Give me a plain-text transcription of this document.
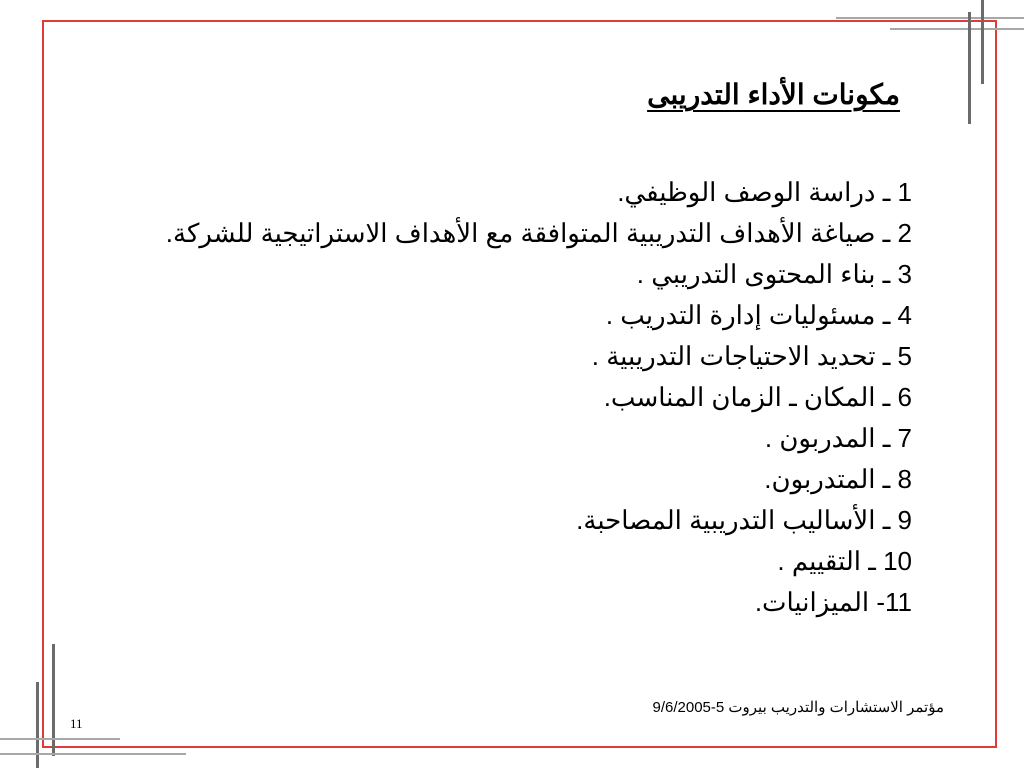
مكونات الأداء التدريبى
1 ـ دراسة الوصف الوظيفي.
2 ـ صياغة الأهداف التدريبية المتوافقة مع الأهداف الاستراتيجية للشركة.
3 ـ بناء المحتوى التدريبي .
4 ـ مسئوليات إدارة التدريب .
5 ـ تحديد الاحتياجات التدريبية .
6 ـ المكان ـ الزمان المناسب.
7 ـ المدربون .
8 ـ المتدربون.
9 ـ الأساليب التدريبية المصاحبة.
10 ـ التقييم .
11- الميزانيات.
مؤتمر الاستشارات والتدريب بيروت 5-9/6/2005
11
